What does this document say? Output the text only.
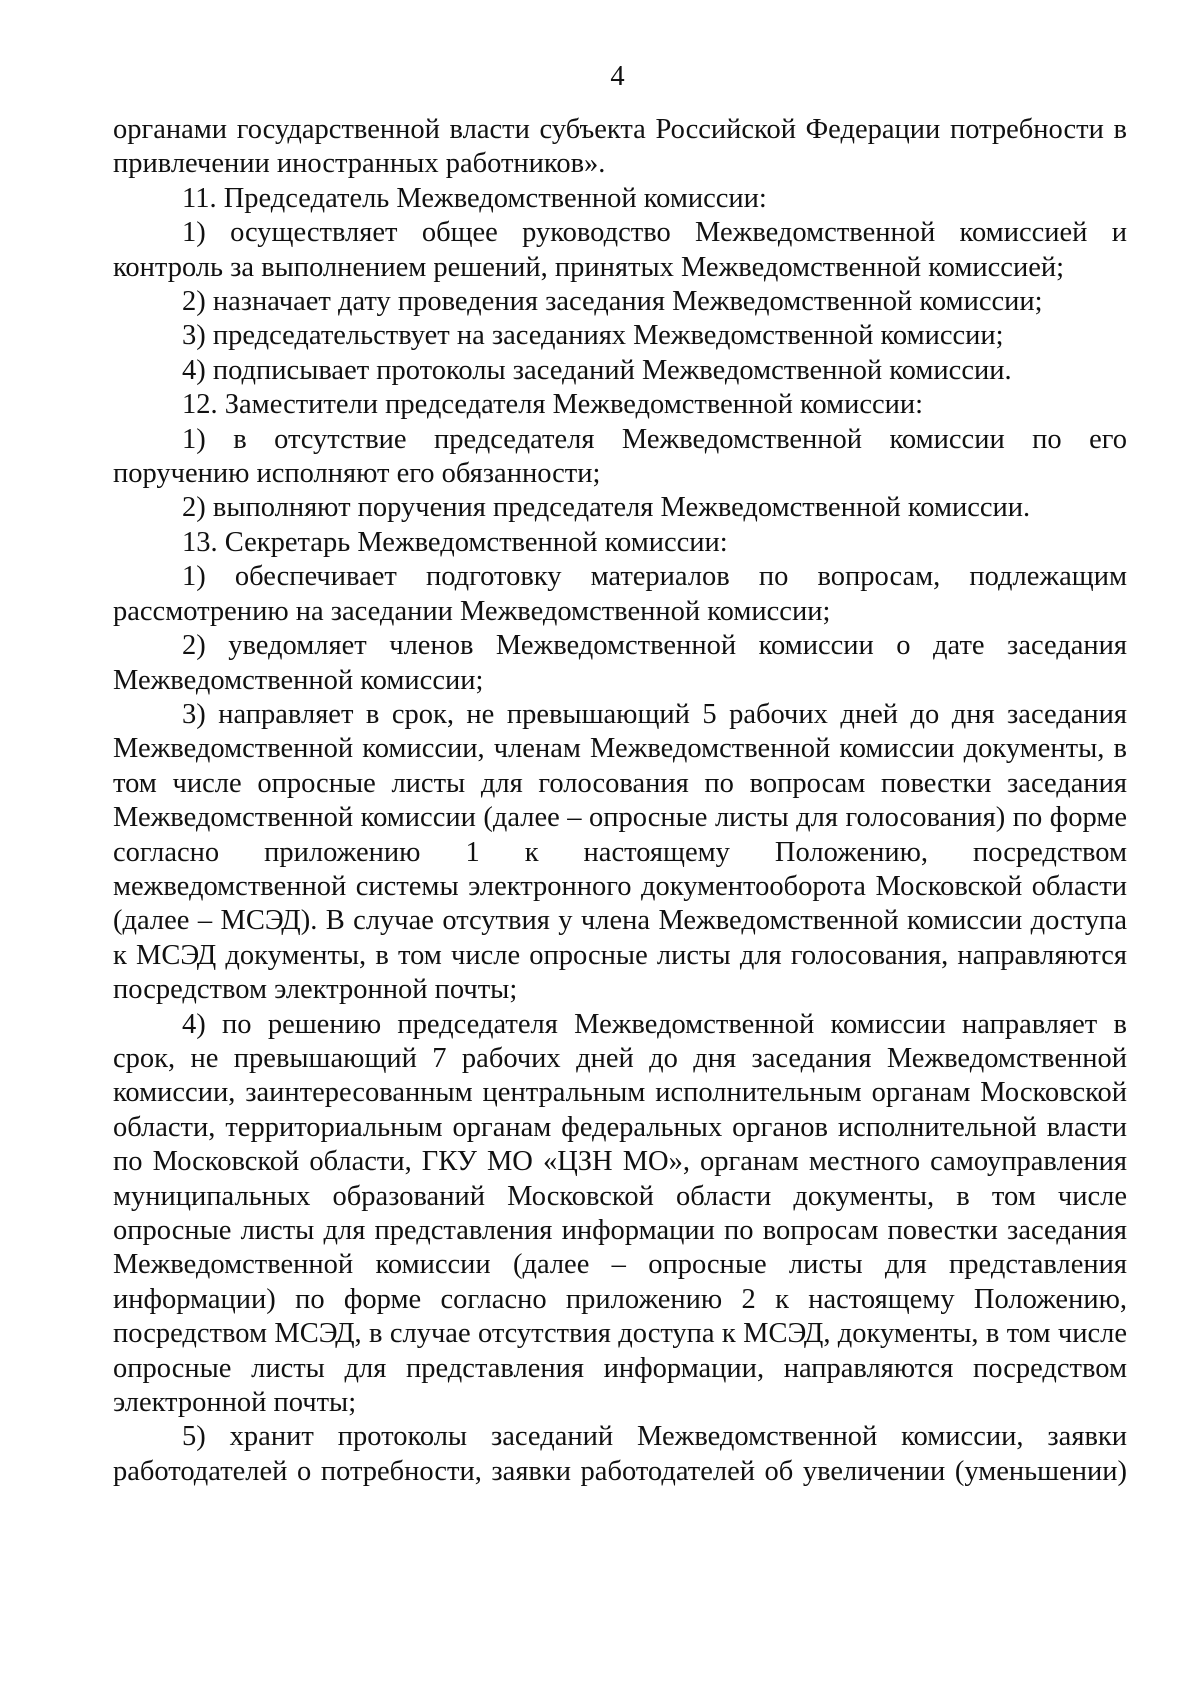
4

органами государственной власти субъекта Российской Федерации потребности в привлечении иностранных работников».

11. Председатель Межведомственной комиссии:

1) осуществляет общее руководство Межведомственной комиссией и контроль за выполнением решений, принятых Межведомственной комиссией;

2) назначает дату проведения заседания Межведомственной комиссии;

3) председательствует на заседаниях Межведомственной комиссии;

4) подписывает протоколы заседаний Межведомственной комиссии.

12. Заместители председателя Межведомственной комиссии:

1) в отсутствие председателя Межведомственной комиссии по его поручению исполняют его обязанности;

2) выполняют поручения председателя Межведомственной комиссии.

13. Секретарь Межведомственной комиссии:

1) обеспечивает подготовку материалов по вопросам, подлежащим рассмотрению на заседании Межведомственной комиссии;

2) уведомляет членов Межведомственной комиссии о дате заседания Межведомственной комиссии;

3) направляет в срок, не превышающий 5 рабочих дней до дня заседания Межведомственной комиссии, членам Межведомственной комиссии документы, в том числе опросные листы для голосования по вопросам повестки заседания Межведомственной комиссии (далее – опросные листы для голосования) по форме согласно приложению 1 к настоящему Положению, посредством межведомственной системы электронного документооборота Московской области (далее – МСЭД). В случае отсутвия у члена Межведомственной комиссии доступа к МСЭД документы, в том числе опросные листы для голосования, направляются посредством электронной почты;

4) по решению председателя Межведомственной комиссии направляет в срок, не превышающий 7 рабочих дней до дня заседания Межведомственной комиссии, заинтересованным центральным исполнительным органам Московской области, территориальным органам федеральных органов исполнительной власти по Московской области, ГКУ МО «ЦЗН МО», органам местного самоуправления муниципальных образований Московской области документы, в том числе опросные листы для представления информации по вопросам повестки заседания Межведомственной комиссии (далее – опросные листы для представления информации) по форме согласно приложению 2 к настоящему Положению, посредством МСЭД, в случае отсутствия доступа к МСЭД, документы, в том числе опросные листы для представления информации, направляются посредством электронной почты;

5) хранит протоколы заседаний Межведомственной комиссии, заявки работодателей о потребности, заявки работодателей об увеличении (уменьшении)
